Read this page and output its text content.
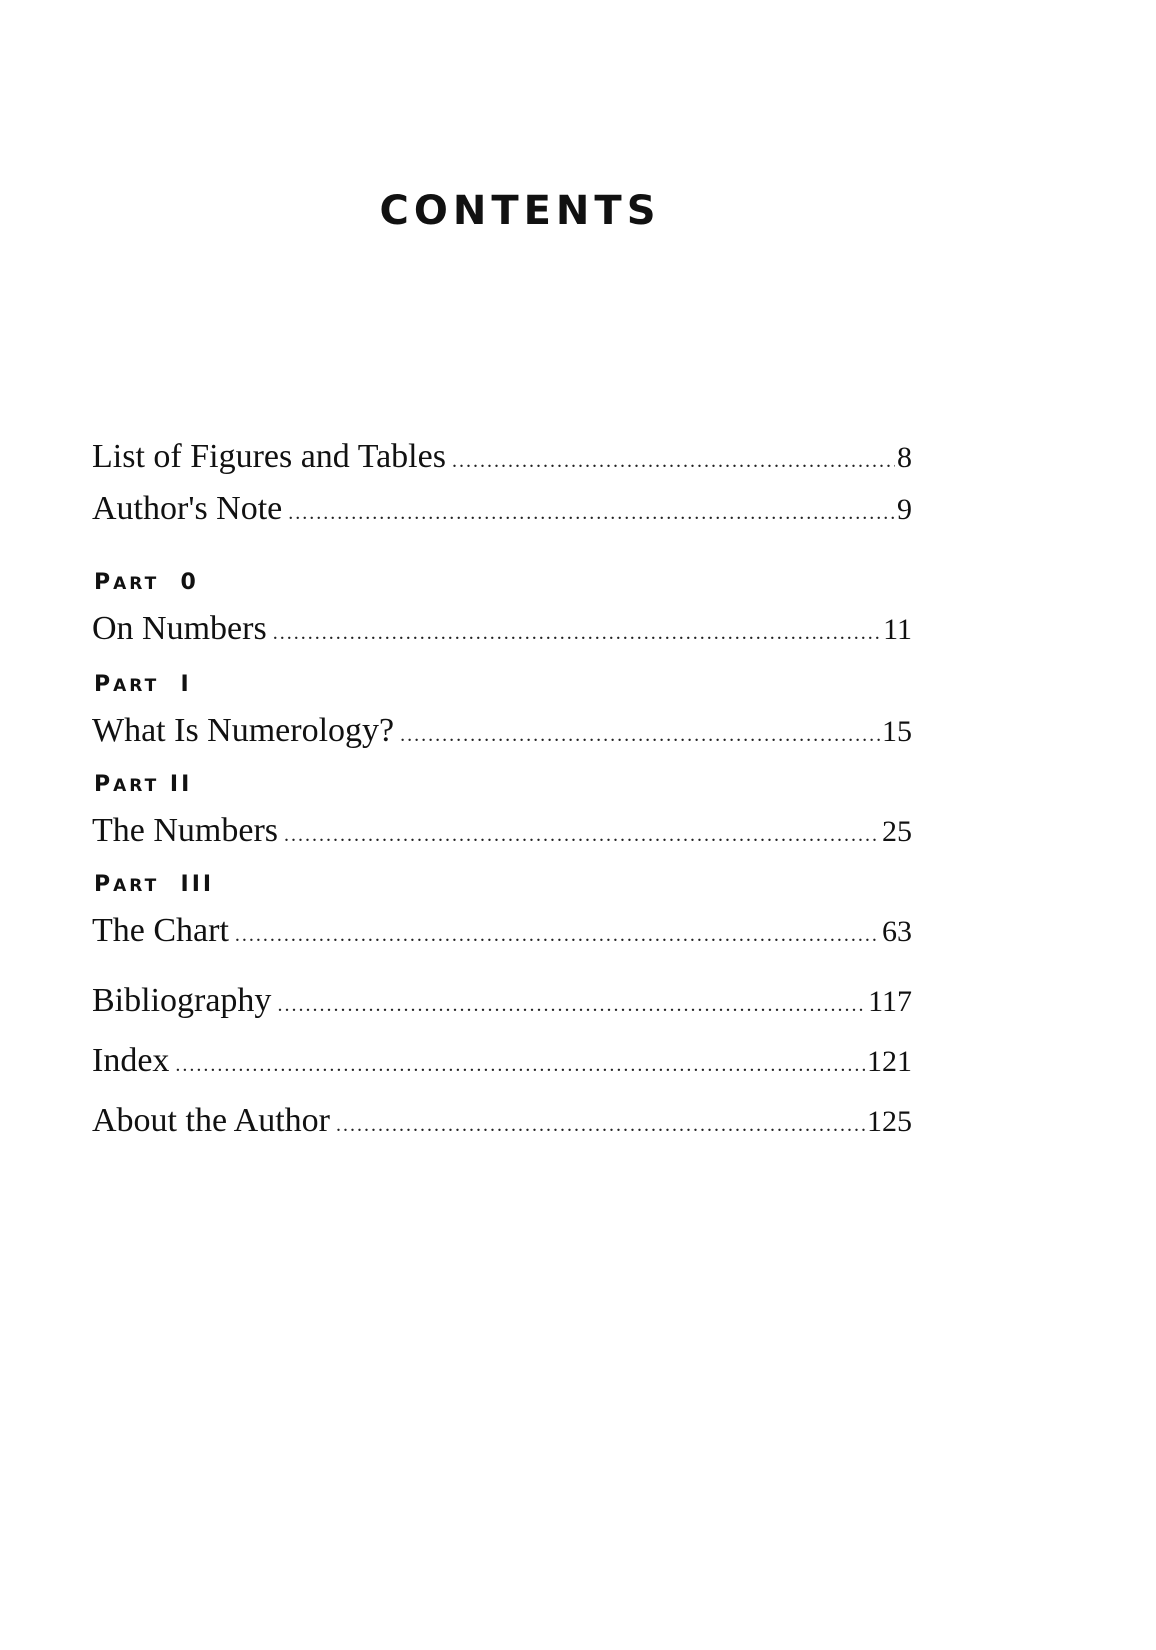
CONTENTS
List of Figures and Tables .....	8
Author's Note .....	9
PART 0
On Numbers .....	11
PART I
What Is Numerology? .....	15
PART II
The Numbers .....	25
PART III
The Chart .....	63
Bibliography .....	117
Index .....	121
About the Author .....	125
